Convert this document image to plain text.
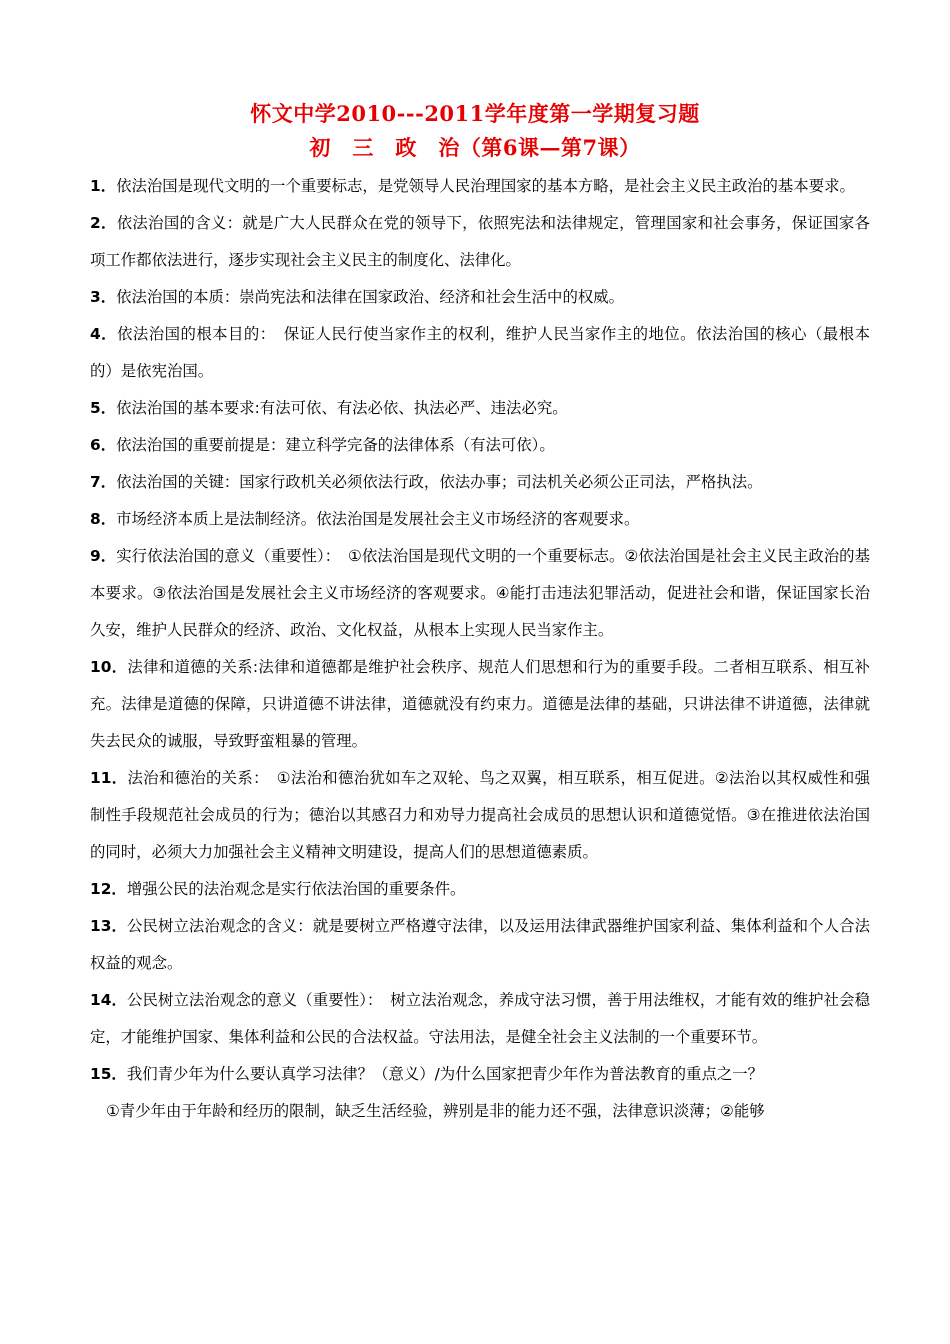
怀文中学2010---2011学年度第一学期复习题
初　三　政　治（第6课—第7课）

1．依法治国是现代文明的一个重要标志，是党领导人民治理国家的基本方略，是社会主义民主政治的基本要求。

2．依法治国的含义：就是广大人民群众在党的领导下，依照宪法和法律规定，管理国家和社会事务，保证国家各项工作都依法进行，逐步实现社会主义民主的制度化、法律化。

3．依法治国的本质：崇尚宪法和法律在国家政治、经济和社会生活中的权威。

4．依法治国的根本目的：　保证人民行使当家作主的权利，维护人民当家作主的地位。依法治国的核心（最根本的）是依宪治国。

5．依法治国的基本要求:有法可依、有法必依、执法必严、违法必究。

6．依法治国的重要前提是：建立科学完备的法律体系（有法可依）。

7．依法治国的关键：国家行政机关必须依法行政，依法办事；司法机关必须公正司法，严格执法。

8．市场经济本质上是法制经济。依法治国是发展社会主义市场经济的客观要求。

9．实行依法治国的意义（重要性）：　①依法治国是现代文明的一个重要标志。②依法治国是社会主义民主政治的基本要求。③依法治国是发展社会主义市场经济的客观要求。④能打击违法犯罪活动，促进社会和谐，保证国家长治久安，维护人民群众的经济、政治、文化权益，从根本上实现人民当家作主。

10．法律和道德的关系:法律和道德都是维护社会秩序、规范人们思想和行为的重要手段。二者相互联系、相互补充。法律是道德的保障，只讲道德不讲法律，道德就没有约束力。道德是法律的基础，只讲法律不讲道德，法律就失去民众的诚服，导致野蛮粗暴的管理。

11．法治和德治的关系：　①法治和德治犹如车之双轮、鸟之双翼，相互联系，相互促进。②法治以其权威性和强制性手段规范社会成员的行为；德治以其感召力和劝导力提高社会成员的思想认识和道德觉悟。③在推进依法治国的同时，必须大力加强社会主义精神文明建设，提高人们的思想道德素质。

12．增强公民的法治观念是实行依法治国的重要条件。

13．公民树立法治观念的含义：就是要树立严格遵守法律，以及运用法律武器维护国家利益、集体利益和个人合法权益的观念。

14．公民树立法治观念的意义（重要性）：　树立法治观念，养成守法习惯，善于用法维权，才能有效的维护社会稳定，才能维护国家、集体利益和公民的合法权益。守法用法，是健全社会主义法制的一个重要环节。

15．我们青少年为什么要认真学习法律？（意义）/为什么国家把青少年作为普法教育的重点之一？

①青少年由于年龄和经历的限制，缺乏生活经验，辨别是非的能力还不强，法律意识淡薄；②能够
